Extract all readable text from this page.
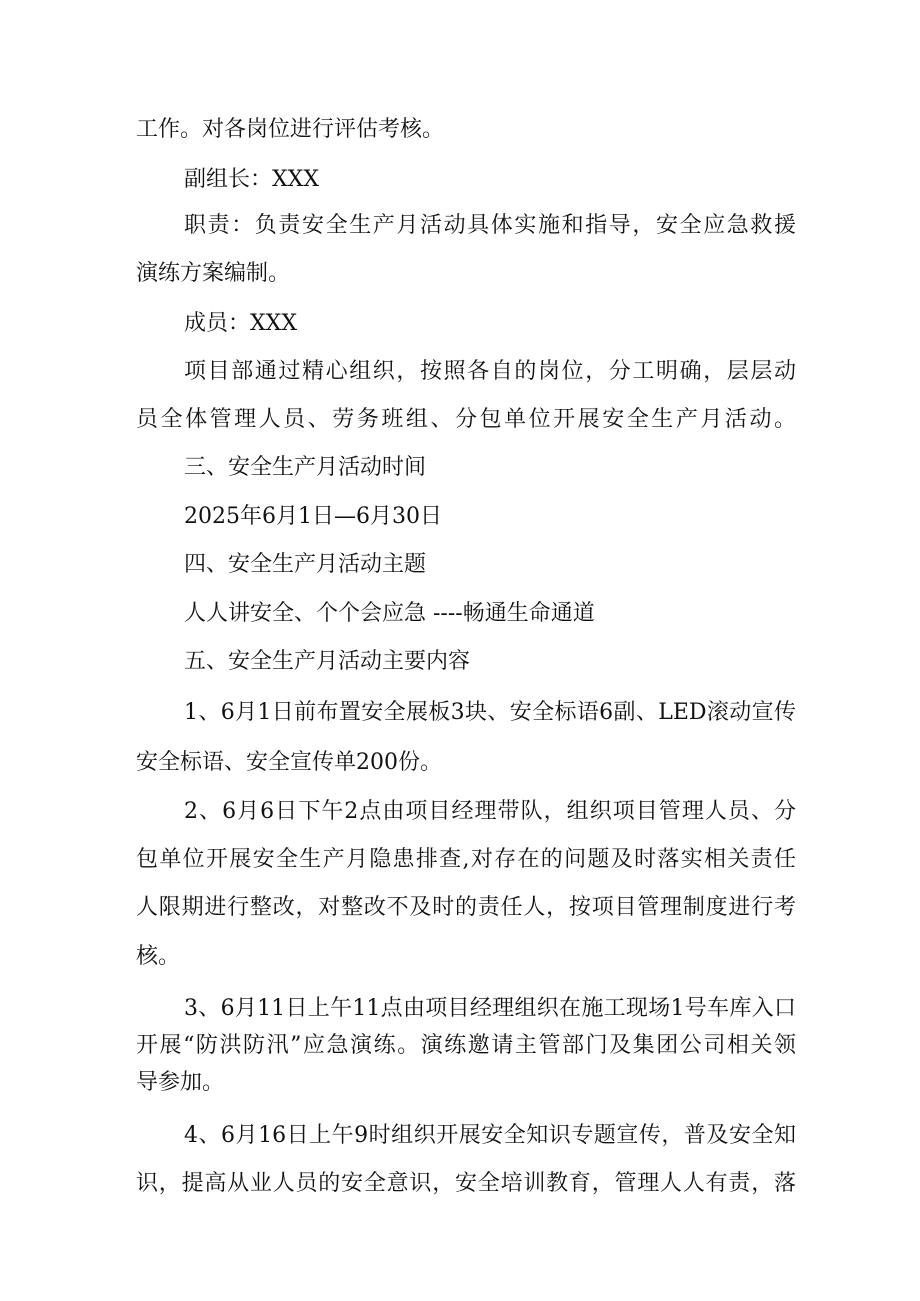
工作。对各岗位进行评估考核。
副组长：XXX
职责：负责安全生产月活动具体实施和指导，安全应急救援
演练方案编制。
成员：XXX
项目部通过精心组织，按照各自的岗位，分工明确，层层动
员全体管理人员、劳务班组、分包单位开展安全生产月活动。
三、安全生产月活动时间
2025年6月1日—6月30日
四、安全生产月活动主题
人人讲安全、个个会应急 ----畅通生命通道
五、安全生产月活动主要内容
1、6月1日前布置安全展板3块、安全标语6副、LED滚动宣传
安全标语、安全宣传单200份。
2、6月6日下午2点由项目经理带队，组织项目管理人员、分
包单位开展安全生产月隐患排查,对存在的问题及时落实相关责任
人限期进行整改，对整改不及时的责任人，按项目管理制度进行考
核。
3、6月11日上午11点由项目经理组织在施工现场1号车库入口
开展“防洪防汛”应急演练。演练邀请主管部门及集团公司相关领
导参加。
4、6月16日上午9时组织开展安全知识专题宣传，普及安全知
识，提高从业人员的安全意识，安全培训教育，管理人人有责，落
